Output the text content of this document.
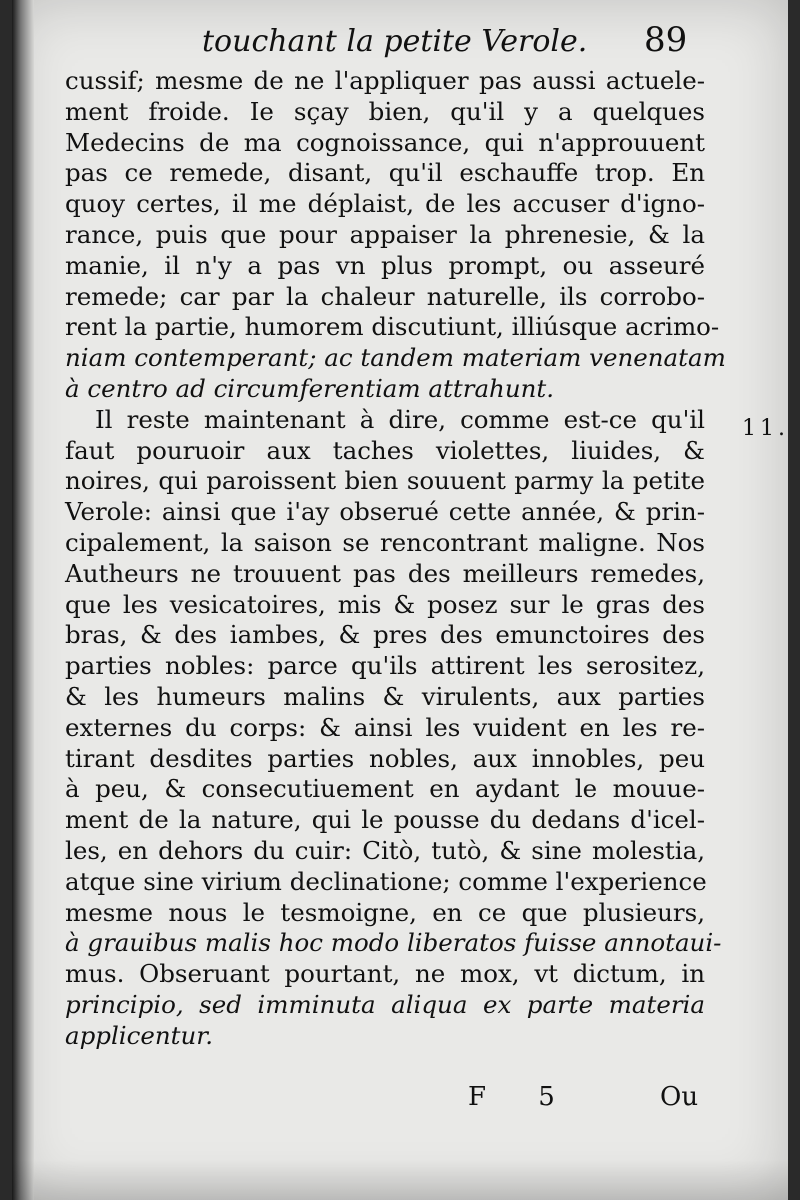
touchant la petite Verole. 89
cussif; mesme de ne l'appliquer pas aussi actuele-
ment froide. Ie sçay bien, qu'il y a quelques
Medecins de ma cognoissance, qui n'approuuent
pas ce remede, disant, qu'il eschauffe trop. En
quoy certes, il me déplaist, de les accuser d'igno-
rance, puis que pour appaiser la phrenesie, & la
manie, il n'y a pas vn plus prompt, ou asseuré
remede; car par la chaleur naturelle, ils corrobo-
rent la partie, humorem discutiunt, illiúsque acrimo-
niam contemperant; ac tandem materiam venenatam
à centro ad circumferentiam attrahunt.
Il reste maintenant à dire, comme est-ce qu'il
faut pouruoir aux taches violettes, liuides, &
noires, qui paroissent bien souuent parmy la petite
Verole: ainsi que i'ay obserué cette année, & prin-
cipalement, la saison se rencontrant maligne. Nos
Autheurs ne trouuent pas des meilleurs remedes,
que les vesicatoires, mis & posez sur le gras des
bras, & des iambes, & pres des emunctoires des
parties nobles: parce qu'ils attirent les serositez,
& les humeurs malins & virulents, aux parties
externes du corps: & ainsi les vuident en les re-
tirant desdites parties nobles, aux innobles, peu
à peu, & consecutiuement en aydant le mouue-
ment de la nature, qui le pousse du dedans d'icel-
les, en dehors du cuir: Citò, tutò, & sine molestia,
atque sine virium declinatione; comme l'experience
mesme nous le tesmoigne, en ce que plusieurs,
à grauibus malis hoc modo liberatos fuisse annotaui-
mus. Obseruant pourtant, ne mox, vt dictum, in
principio, sed imminuta aliqua ex parte materia
applicentur.
11.
F 5	Ou
